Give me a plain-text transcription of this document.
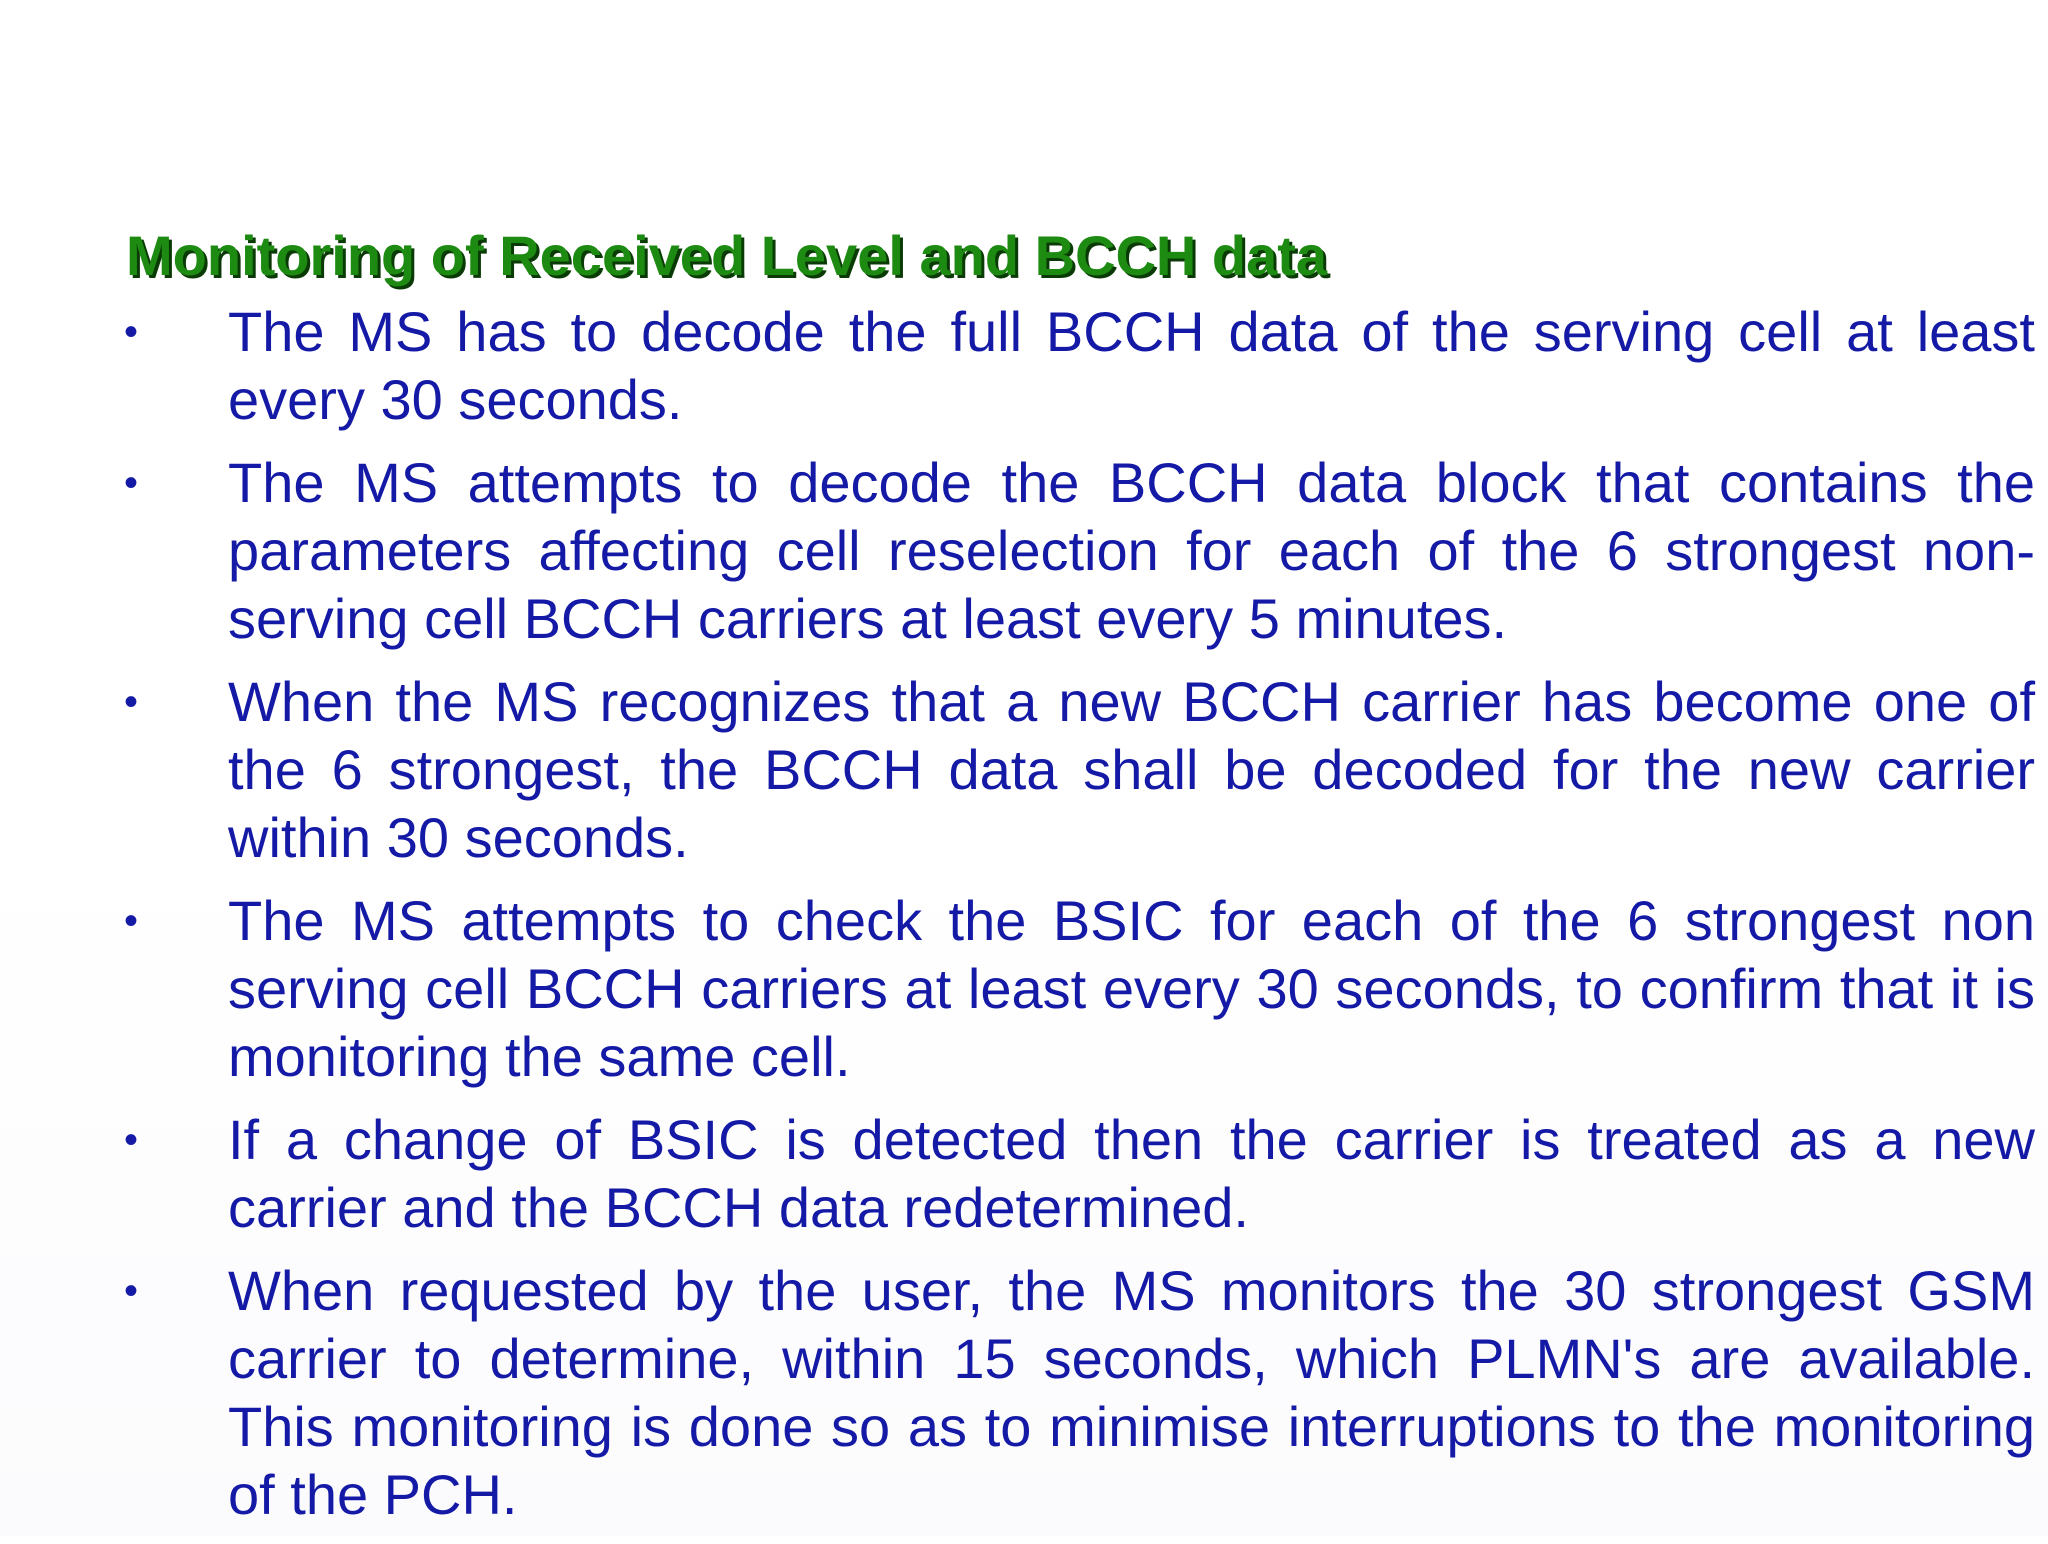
Monitoring of Received Level and BCCH data
• The MS has to decode the full BCCH data of the serving cell at least every 30 seconds.
• The MS attempts to decode the BCCH data block that contains the parameters affecting cell reselection for each of the 6 strongest non-serving cell BCCH carriers at least every 5 minutes.
• When the MS recognizes that a new BCCH carrier has become one of the 6 strongest, the BCCH data shall be decoded for the new carrier within 30 seconds.
• The MS attempts to check the BSIC for each of the 6 strongest non serving cell BCCH carriers at least every 30 seconds, to confirm that it is monitoring the same cell.
• If a change of BSIC is detected then the carrier is treated as a new carrier and the BCCH data redetermined.
• When requested by the user, the MS monitors the 30 strongest GSM carrier to determine, within 15 seconds, which PLMN's are available. This monitoring is done so as to minimise interruptions to the monitoring of the PCH.
